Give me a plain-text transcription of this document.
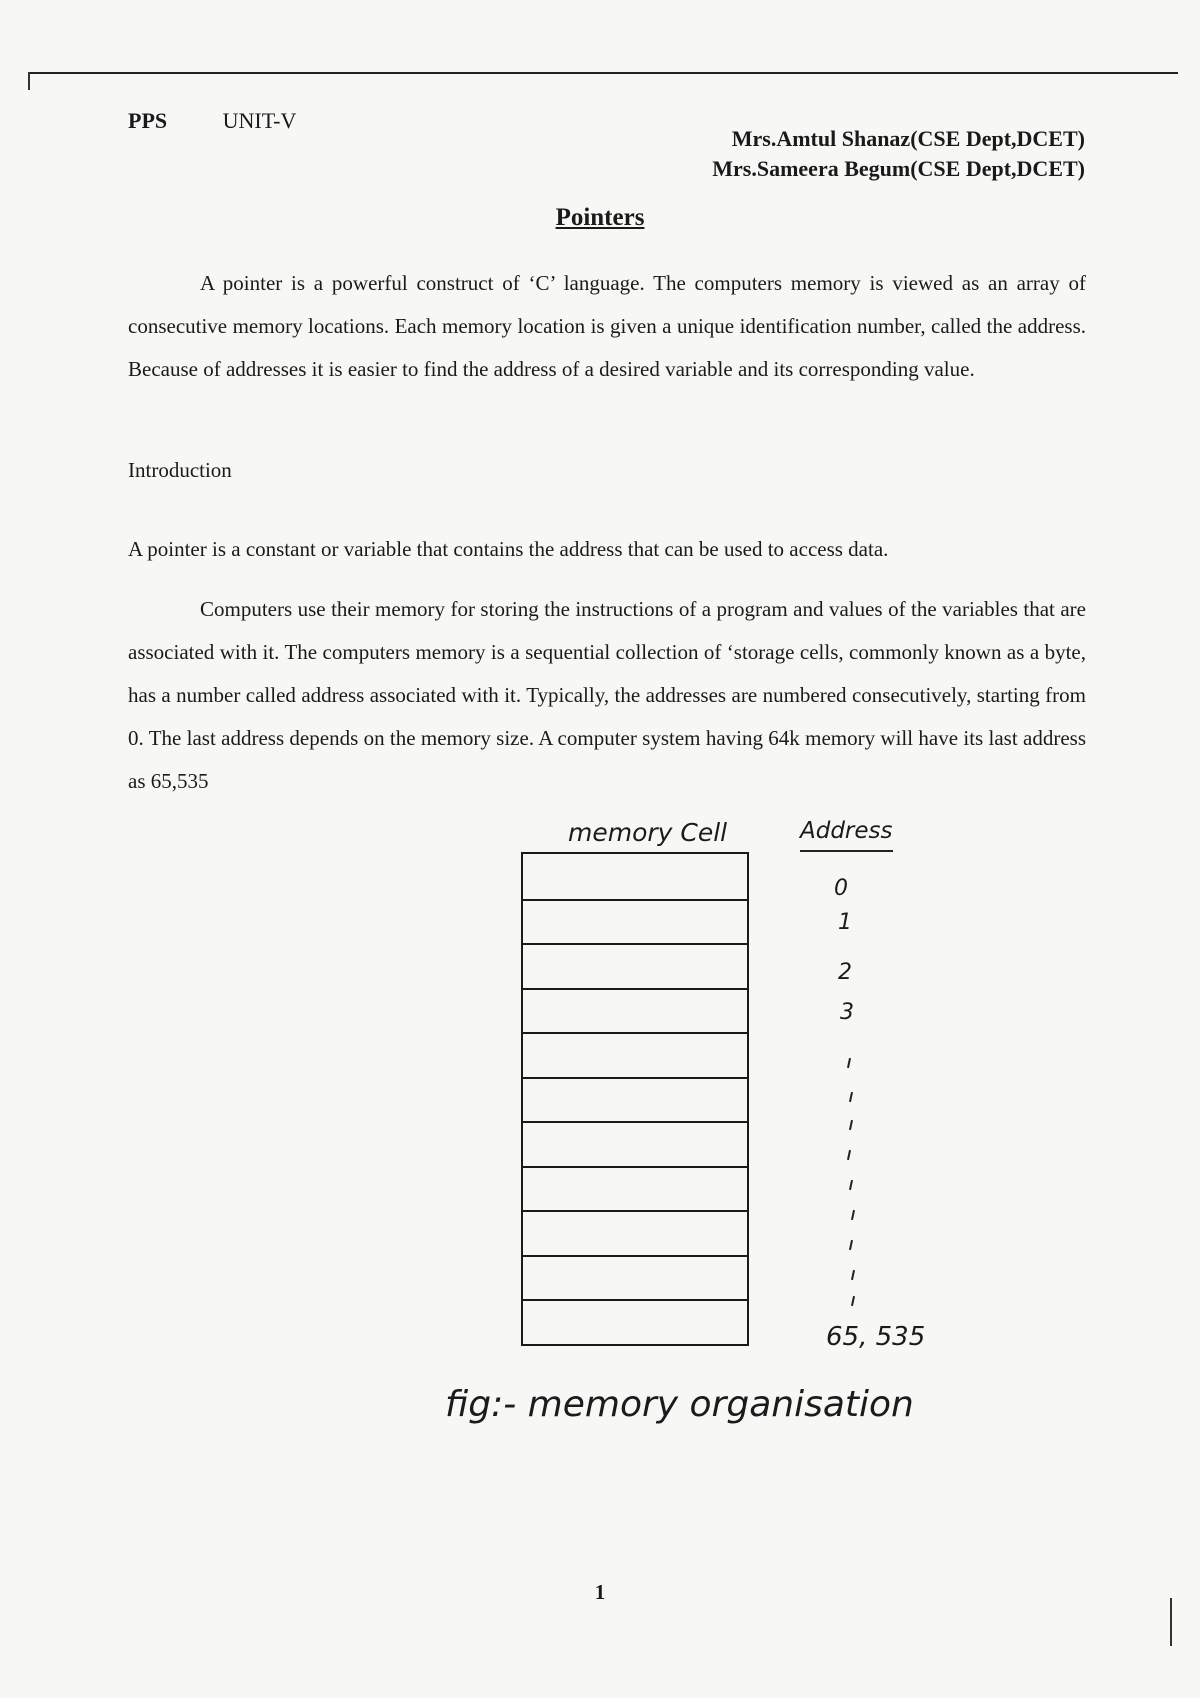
PPS	UNIT-V
Mrs.Amtul Shanaz(CSE Dept,DCET)
Mrs.Sameera Begum(CSE Dept,DCET)
Pointers
A pointer is a powerful construct of ‘C’ language. The computers memory is viewed as an array of consecutive memory locations. Each memory location is given a unique identification number, called the address. Because of addresses it is easier to find the address of a desired variable and its corresponding value.
Introduction
A pointer is a constant or variable that contains the address that can be used to access data.
Computers use their memory for storing the instructions of a program and values of the variables that are associated with it. The computers memory is a sequential collection of ‘storage cells, commonly known as a byte, has a number called address associated with it. Typically, the addresses are numbered consecutively, starting from 0. The last address depends on the memory size. A computer system having 64k memory will have its last address as 65,535
memory Cell	Address
0
1
2
3
65, 535
fig:- memory organisation
1
